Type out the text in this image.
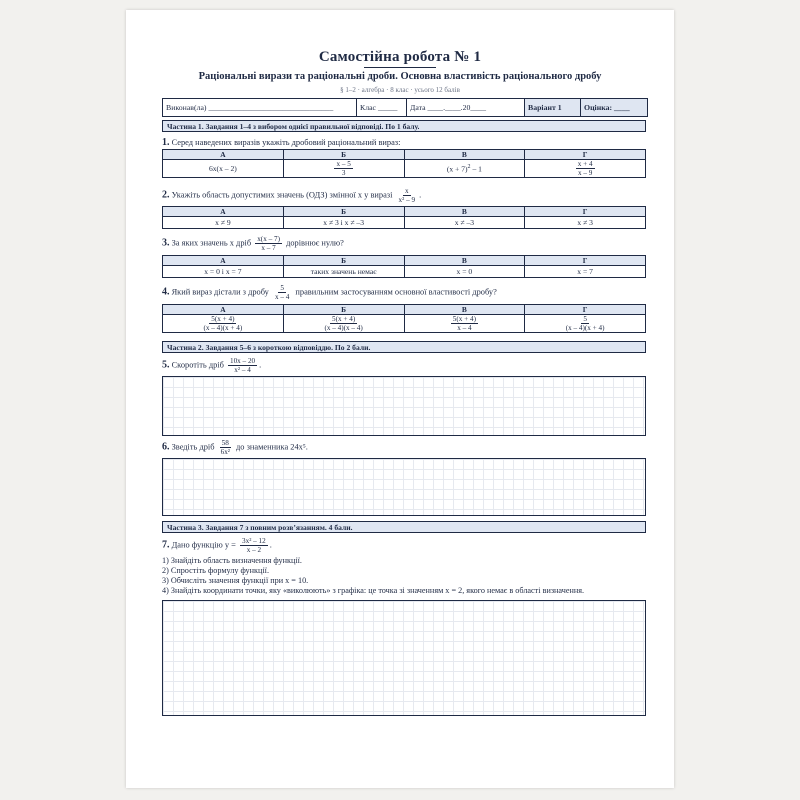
Самостійна робота № 1
Раціональні вирази та раціональні дроби. Основна властивість раціонального дробу
§ 1–2 · алгебра · 8 клас · усього 12 балів
Виконав(ла) ________________________________	Клас _____	Дата ____.____.20____	Варіант 1	Оцінка: ____
Частина 1. Завдання 1–4 з вибором однієї правильної відповіді. По 1 балу.
1. Серед наведених виразів укажіть дробовий раціональний вираз:
А	Б	В	Г
6x(x – 2)	$\frac{x - 5}{3}$	$(x + 7)^2 - 1$	$\frac{x + 4}{x - 9}$
2. Укажіть область допустимих значень (ОДЗ) змінної x у виразі $\frac{x}{\text{x² – 9}}$ .
А	Б	В	Г
x ≠ 9	x ≠ 3 і x ≠ –3	x ≠ –3	x ≠ 3
3. За яких значень x дріб $\frac{x(x - 7)}{x - 7}$ дорівнює нулю?
А	Б	В	Г
x = 0 і x = 7	таких значень немає	x = 0	x = 7
4. Який вираз дістали з дробу $\frac{5}{x - 4}$ правильним застосуванням основної властивості дробу?
А	Б	В	Г

$\frac{5(x + 4)}{(x - 4)(x + 4)}$	$\frac{5(x + 4)}{(x - 4)(x - 4)}$	$\frac{5(x + 4)}{x - 4}$	$\frac{5}{(x - 4)(x + 4)}$
Частина 2. Завдання 5–6 з короткою відповіддю. По 2 бали.
5. Скоротіть дріб $\frac{10x - 20}{\text{x² – 4}}$ .
6. Зведіть дріб $\frac{58}{\text{6x²}}$ до знаменника 24x⁵.
Частина 3. Завдання 7 з повним розв’язанням. 4 бали.
7. Дано функцію $y = \frac{\text{3x² – 12}}{x - 2}$ .
1) Знайдіть область визначення функції.
2) Спростіть формулу функції.
3) Обчисліть значення функції при x = 10.
4) Знайдіть координати точки, яку «виколюють» з графіка: це точка зі значенням x = 2, якого немає в області визначення.
